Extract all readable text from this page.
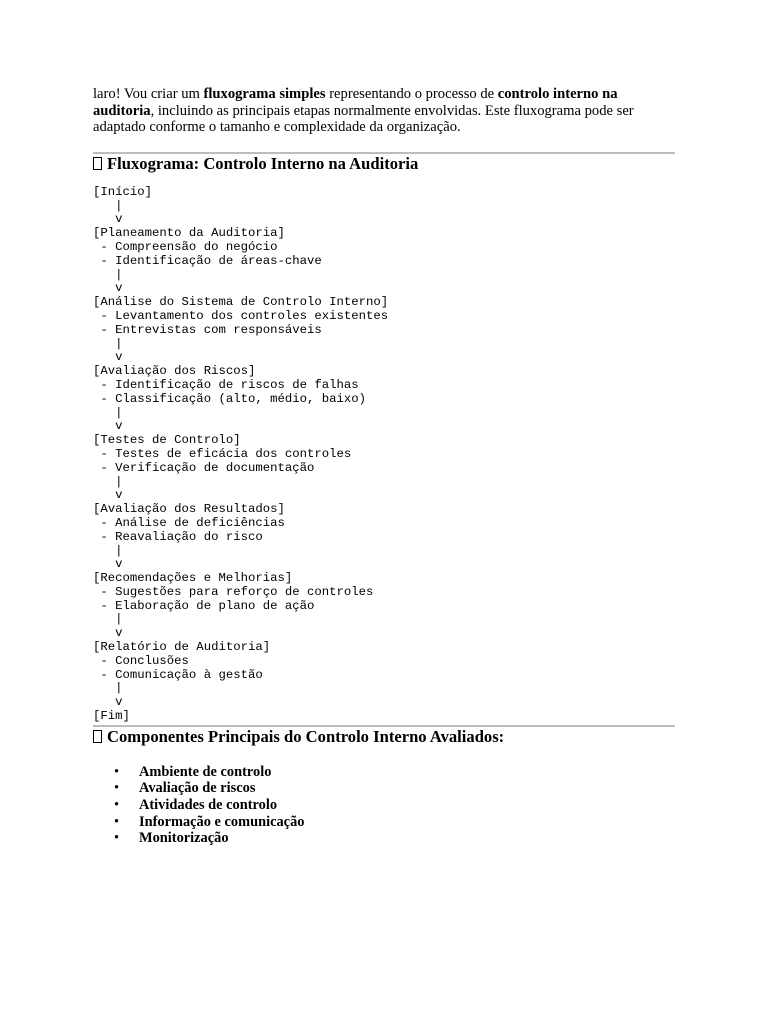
laro! Vou criar um fluxograma simples representando o processo de controlo interno na auditoria, incluindo as principais etapas normalmente envolvidas. Este fluxograma pode ser adaptado conforme o tamanho e complexidade da organização.

Fluxograma: Controlo Interno na Auditoria
[Início]
|
v
[Planeamento da Auditoria]
- Compreensão do negócio
- Identificação de áreas-chave
|
v
[Análise do Sistema de Controlo Interno]
- Levantamento dos controles existentes
- Entrevistas com responsáveis
|
v
[Avaliação dos Riscos]
- Identificação de riscos de falhas
- Classificação (alto, médio, baixo)
|
v
[Testes de Controlo]
- Testes de eficácia dos controles
- Verificação de documentação
|
v
[Avaliação dos Resultados]
- Análise de deficiências
- Reavaliação do risco
|
v
[Recomendações e Melhorias]
- Sugestões para reforço de controles
- Elaboração de plano de ação
|
v
[Relatório de Auditoria]
- Conclusões
- Comunicação à gestão
|
v
[Fim]
Componentes Principais do Controlo Interno Avaliados:
• Ambiente de controlo
• Avaliação de riscos
• Atividades de controlo
• Informação e comunicação
• Monitorização
